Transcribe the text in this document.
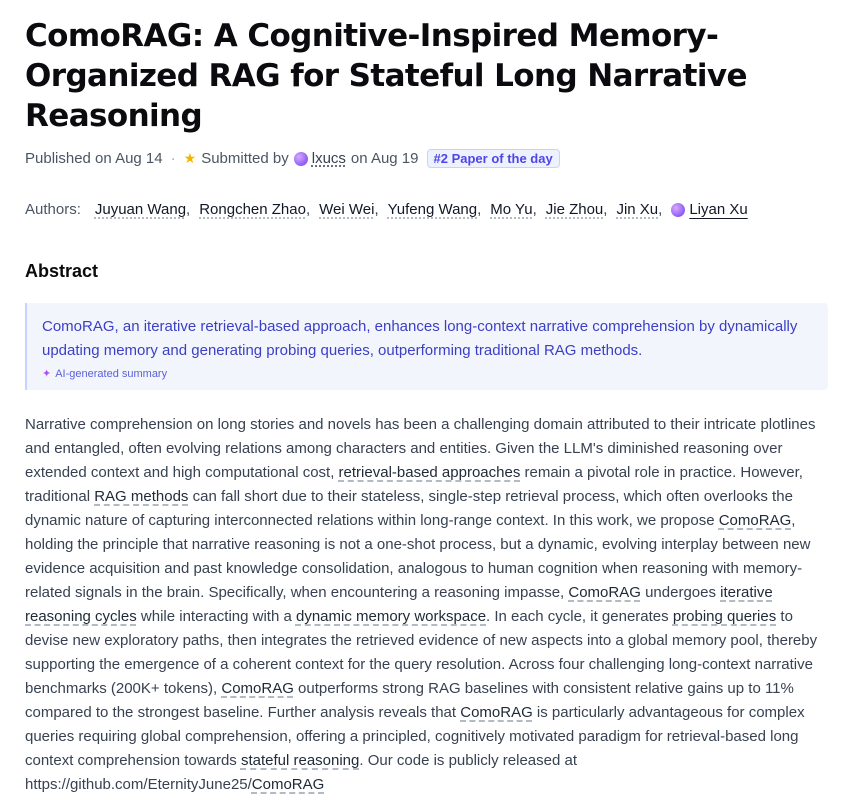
ComoRAG: A Cognitive-Inspired Memory-Organized RAG for Stateful Long Narrative Reasoning
Published on Aug 14 · ★ Submitted by lxucs on Aug 19	#2 Paper of the day
Authors: Juyuan Wang , Rongchen Zhao , Wei Wei , Yufeng Wang , Mo Yu , Jie Zhou , Jin Xu , Liyan Xu
Abstract
ComoRAG, an iterative retrieval-based approach, enhances long-context narrative comprehension by dynamically updating memory and generating probing queries, outperforming traditional RAG methods.
✦ AI-generated summary
Narrative comprehension on long stories and novels has been a challenging domain attributed to their intricate plotlines and entangled, often evolving relations among characters and entities. Given the LLM's diminished reasoning over extended context and high computational cost, retrieval-based approaches remain a pivotal role in practice. However, traditional RAG methods can fall short due to their stateless, single-step retrieval process, which often overlooks the dynamic nature of capturing interconnected relations within long-range context. In this work, we propose ComoRAG, holding the principle that narrative reasoning is not a one-shot process, but a dynamic, evolving interplay between new evidence acquisition and past knowledge consolidation, analogous to human cognition when reasoning with memory-related signals in the brain. Specifically, when encountering a reasoning impasse, ComoRAG undergoes iterative reasoning cycles while interacting with a dynamic memory workspace. In each cycle, it generates probing queries to devise new exploratory paths, then integrates the retrieved evidence of new aspects into a global memory pool, thereby supporting the emergence of a coherent context for the query resolution. Across four challenging long-context narrative benchmarks (200K+ tokens), ComoRAG outperforms strong RAG baselines with consistent relative gains up to 11% compared to the strongest baseline. Further analysis reveals that ComoRAG is particularly advantageous for complex queries requiring global comprehension, offering a principled, cognitively motivated paradigm for retrieval-based long context comprehension towards stateful reasoning. Our code is publicly released at https://github.com/EternityJune25/ComoRAG
